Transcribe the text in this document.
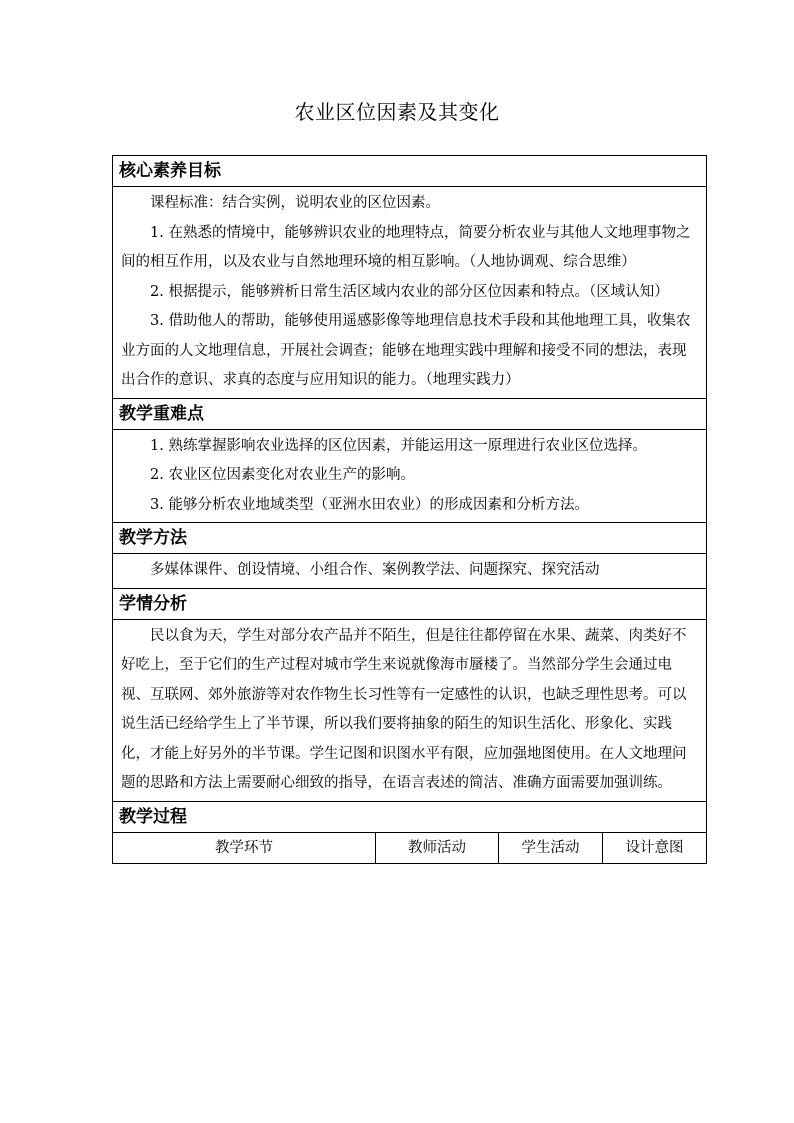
农业区位因素及其变化
核心素养目标

课程标准：结合实例，说明农业的区位因素。

1. 在熟悉的情境中，能够辨识农业的地理特点，简要分析农业与其他人文地理事物之间的相互作用，以及农业与自然地理环境的相互影响。（人地协调观、综合思维）

2. 根据提示，能够辨析日常生活区域内农业的部分区位因素和特点。（区域认知）

3. 借助他人的帮助，能够使用遥感影像等地理信息技术手段和其他地理工具，收集农业方面的人文地理信息，开展社会调查；能够在地理实践中理解和接受不同的想法，表现出合作的意识、求真的态度与应用知识的能力。（地理实践力）

教学重难点

1. 熟练掌握影响农业选择的区位因素，并能运用这一原理进行农业区位选择。

2. 农业区位因素变化对农业生产的影响。

3. 能够分析农业地域类型（亚洲水田农业）的形成因素和分析方法。

教学方法

多媒体课件、创设情境、小组合作、案例教学法、问题探究、探究活动

学情分析

民以食为天，学生对部分农产品并不陌生，但是往往都停留在水果、蔬菜、肉类好不好吃上，至于它们的生产过程对城市学生来说就像海市蜃楼了。当然部分学生会通过电视、互联网、郊外旅游等对农作物生长习性等有一定感性的认识，也缺乏理性思考。可以说生活已经给学生上了半节课，所以我们要将抽象的陌生的知识生活化、形象化、实践化，才能上好另外的半节课。学生记图和识图水平有限，应加强地图使用。在人文地理问题的思路和方法上需要耐心细致的指导，在语言表述的简洁、准确方面需要加强训练。

教学过程
教学环节	教师活动	学生活动	设计意图
